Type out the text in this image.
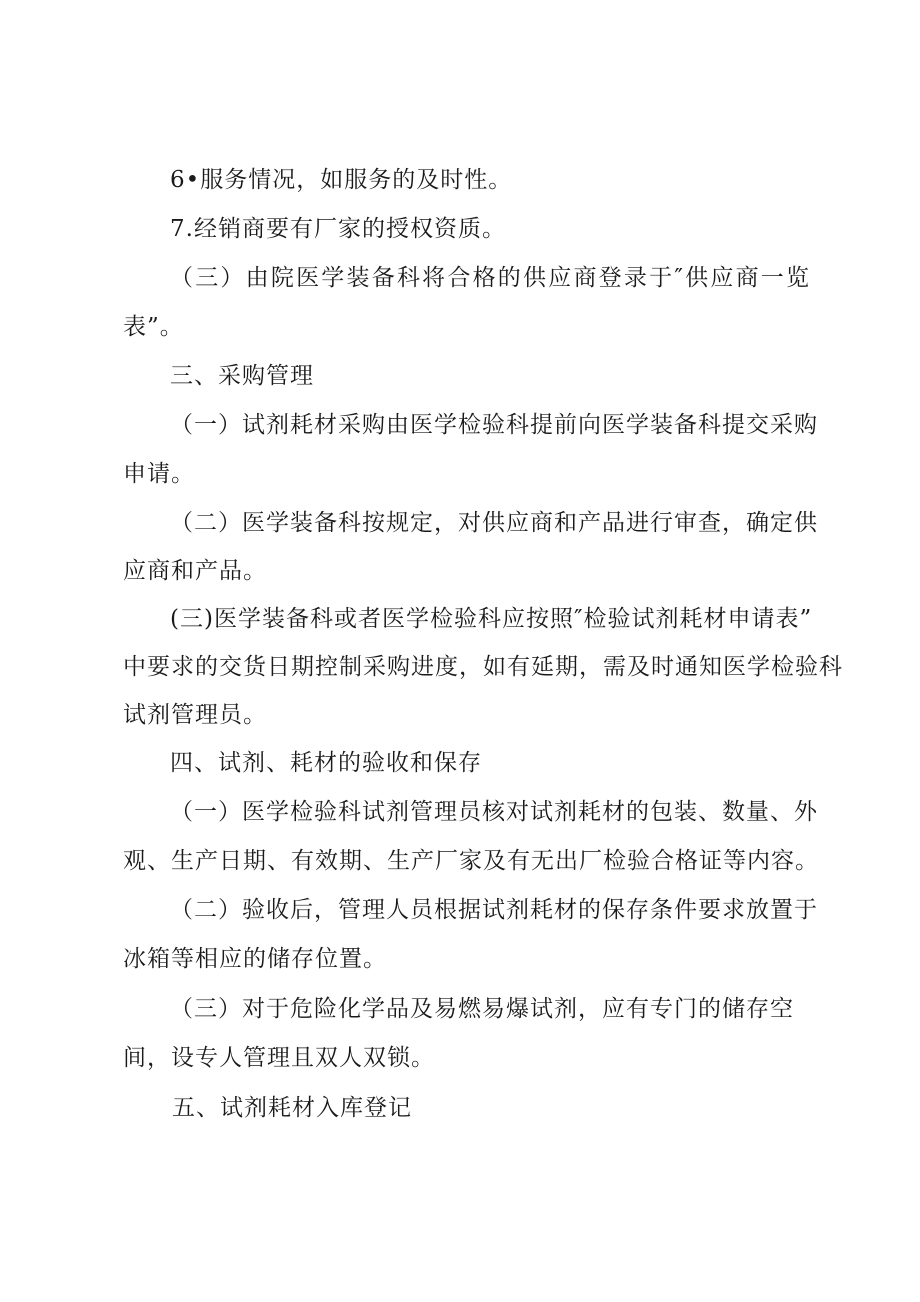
6•服务情况，如服务的及时性。
7.经销商要有厂家的授权资质。
（三）由院医学装备科将合格的供应商登录于″供应商一览
表”。
三、采购管理
（一）试剂耗材采购由医学检验科提前向医学装备科提交采购
申请。
（二）医学装备科按规定，对供应商和产品进行审查，确定供
应商和产品。
(三)医学装备科或者医学检验科应按照″检验试剂耗材申请表”
中要求的交货日期控制采购进度，如有延期，需及时通知医学检验科
试剂管理员。
四、试剂、耗材的验收和保存
（一）医学检验科试剂管理员核对试剂耗材的包装、数量、外
观、生产日期、有效期、生产厂家及有无出厂检验合格证等内容。
（二）验收后，管理人员根据试剂耗材的保存条件要求放置于
冰箱等相应的储存位置。
（三）对于危险化学品及易燃易爆试剂，应有专门的储存空
间，设专人管理且双人双锁。
五、试剂耗材入库登记
